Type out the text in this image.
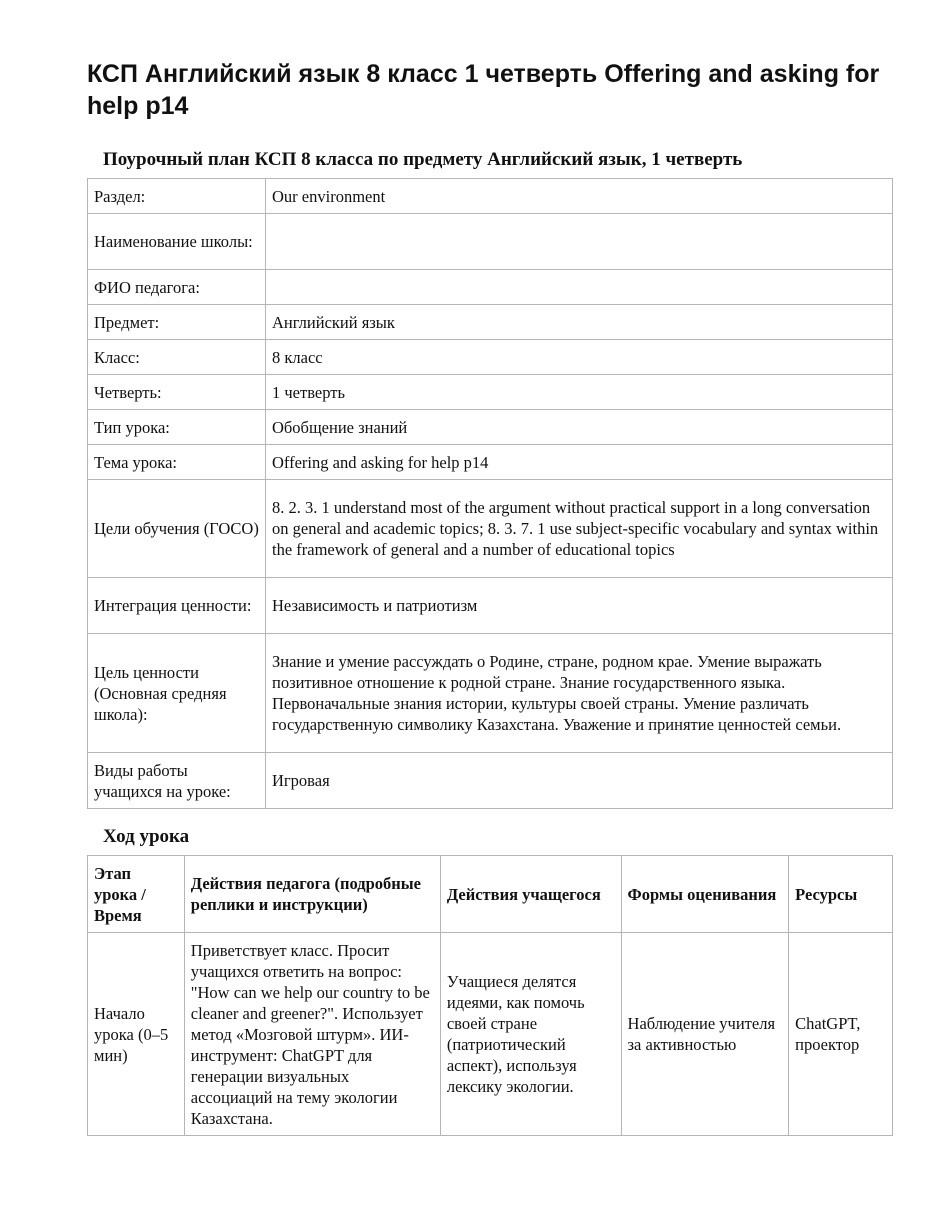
КСП Английский язык 8 класс 1 четверть Offering and asking for help p14
Поурочный план КСП 8 класса по предмету Английский язык, 1 четверть
Раздел:	Our environment
Наименование школы:	
ФИО педагога:	
Предмет:	Английский язык
Класс:	8 класс
Четверть:	1 четверть
Тип урока:	Обобщение знаний
Тема урока:	Offering and asking for help p14
Цели обучения (ГОСО)	8. 2. 3. 1 understand most of the argument without practical support in a long conversation on general and academic topics; 8. 3. 7. 1 use subject-specific vocabulary and syntax within the framework of general and a number of educational topics
Интеграция ценности:	Независимость и патриотизм
Цель ценности (Основная средняя школа):	Знание и умение рассуждать о Родине, стране, родном крае. Умение выражать позитивное отношение к родной стране. Знание государственного языка. Первоначальные знания истории, культуры своей страны. Умение различать государственную символику Казахстана. Уважение и принятие ценностей семьи.
Виды работы учащихся на уроке:	Игровая
Ход урока
Этап урока / Время	Действия педагога (подробные реплики и инструкции)	Действия учащегося	Формы оценивания	Ресурсы
Начало урока (0–5 мин)	Приветствует класс. Просит учащихся ответить на вопрос: "How can we help our country to be cleaner and greener?". Использует метод «Мозговой штурм». ИИ-инструмент: ChatGPT для генерации визуальных ассоциаций на тему экологии Казахстана.	Учащиеся делятся идеями, как помочь своей стране (патриотический аспект), используя лексику экологии.	Наблюдение учителя за активностью	ChatGPT, проектор
